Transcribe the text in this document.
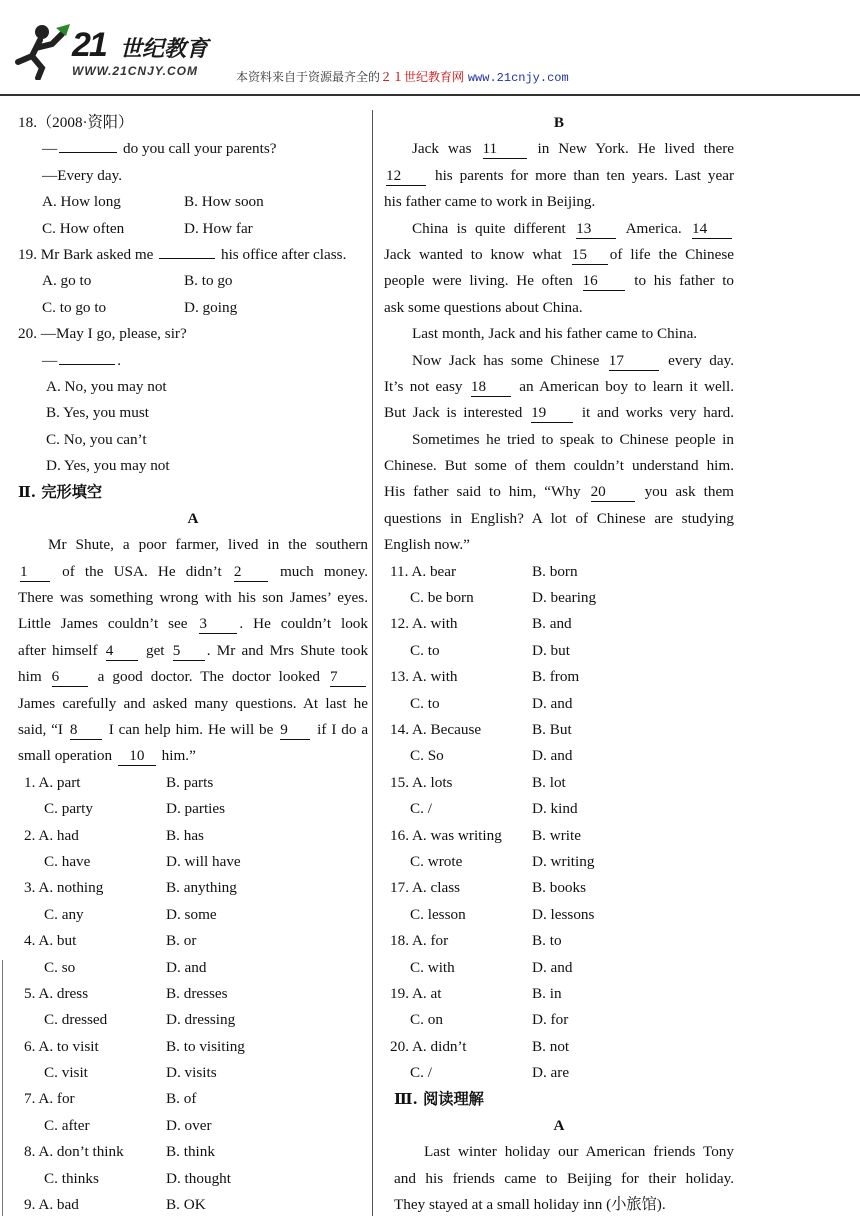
21 世纪教育
WWW.21CNJY.COM	本资料来自于资源最齐全的２１世纪教育网 www.21cnjy.com
18.（2008·资阳）
—	do you call your parents?
—Every day.
A. How long	B. How soon
C. How often	D. How far
19. Mr Bark asked me	his office after class.
A. go to	B. to go
C. to go to	D. going
20. —May I go, please, sir?
—	.
A. No, you may not
B. Yes, you must
C. No, you can’t
D. Yes, you may not
Ⅱ. 完形填空
A
Mr Shute, a poor farmer, lived in the southern
1 of the USA. He didn’t 2	much money.
There was something wrong with his son James’ eyes.
Little James couldn’t see 3 . He couldn’t look
after himself 4 get 5 . Mr and Mrs Shute took
him 6	a good doctor. The doctor looked 7
James carefully and asked many questions. At last he
said, “I 8 I can help him. He will be 9 if I do a
small operation 10 him.”
1. A. part	B. parts
C. party	D. parties
2. A. had	B. has
C. have	D. will have
3. A. nothing	B. anything
C. any	D. some
4. A. but	B. or
C. so	D. and
5. A. dress	B. dresses
C. dressed	D. dressing
6. A. to visit	B. to visiting
C. visit	D. visits
7. A. for	B. of
C. after	D. over
8. A. don’t think	B. think
C. thinks	D. thought
9. A. bad	B. OK
B
Jack was 11	in New York. He lived there
12 his parents for more than ten years. Last year
his father came to work in Beijing.
China is quite different 13 America. 14
Jack wanted to know what 15 of life the Chinese
people were living. He often 16 to his father to
ask some questions about China.
Last month, Jack and his father came to China.
Now Jack has some Chinese 17	every day.
It’s not easy 18 an American boy to learn it well.
But Jack is interested 19 it and works very hard.
Sometimes he tried to speak to Chinese people in
Chinese. But some of them couldn’t understand him.
His father said to him, “Why 20	you ask them
questions in English? A lot of Chinese are studying
English now.”
11. A. bear	B. born
C. be born	D. bearing
12. A. with	B. and
C. to	D. but
13. A. with	B. from
C. to	D. and
14. A. Because	B. But
C. So	D. and
15. A. lots	B. lot
C. /	D. kind
16. A. was writing	B. write
C. wrote	D. writing
17. A. class	B. books
C. lesson	D. lessons
18. A. for	B. to
C. with	D. and
19. A. at	B. in
C. on	D. for
20. A. didn’t	B. not
C. /	D. are
Ⅲ. 阅读理解
A
Last winter holiday our American friends Tony
and his friends came to Beijing for their holiday.
They stayed at a small holiday inn (小旅馆).
